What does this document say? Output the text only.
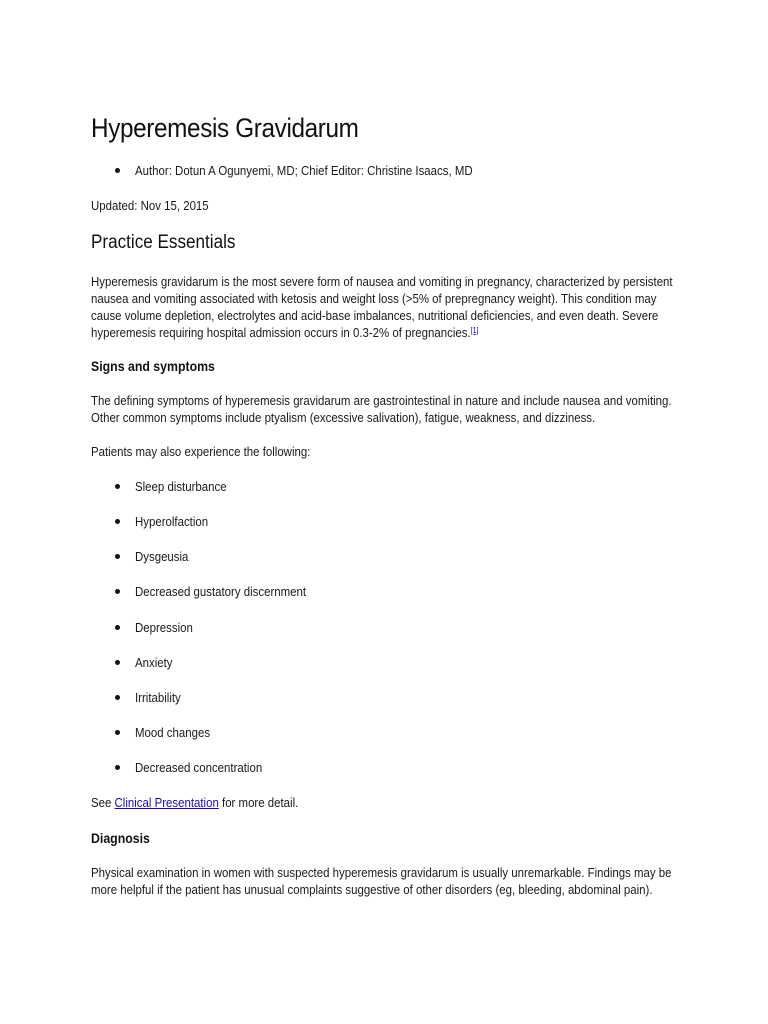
Hyperemesis Gravidarum
Author: Dotun A Ogunyemi, MD; Chief Editor: Christine Isaacs, MD

Updated: Nov 15, 2015

Practice Essentials
Hyperemesis gravidarum is the most severe form of nausea and vomiting in pregnancy, characterized by persistent
nausea and vomiting associated with ketosis and weight loss (>5% of prepregnancy weight). This condition may
cause volume depletion, electrolytes and acid-base imbalances, nutritional deficiencies, and even death. Severe
hyperemesis requiring hospital admission occurs in 0.3-2% of pregnancies.[1]
Signs and symptoms
The defining symptoms of hyperemesis gravidarum are gastrointestinal in nature and include nausea and vomiting.
Other common symptoms include ptyalism (excessive salivation), fatigue, weakness, and dizziness.

Patients may also experience the following:

Sleep disturbance
Hyperolfaction
Dysgeusia
Decreased gustatory discernment
Depression
Anxiety
Irritability
Mood changes
Decreased concentration

See Clinical Presentation for more detail.

Diagnosis
Physical examination in women with suspected hyperemesis gravidarum is usually unremarkable. Findings may be
more helpful if the patient has unusual complaints suggestive of other disorders (eg, bleeding, abdominal pain).
